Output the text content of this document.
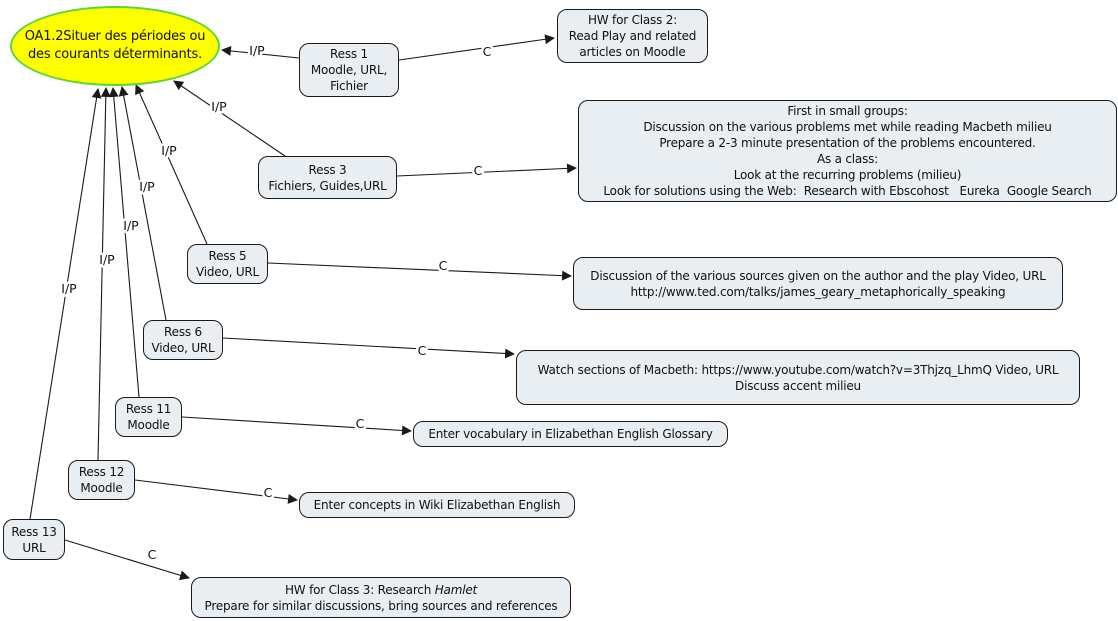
I/P
I/P
I/P
I/P
I/P
I/P
I/P
C
C
C
C
C
C
C
OA1.2Situer des périodes ou
des courants déterminants.	Ress 1
Moodle, URL,
Fichier
HW for Class 2:
Read Play and related
articles on Moodle
Ress 3
Fichiers, Guides,URL
First in small groups:
Discussion on the various problems met while reading Macbeth milieu
Prepare a 2-3 minute presentation of the problems encountered.
As a class:
Look at the recurring problems (milieu)
Look for solutions using the Web:  Research with Ebscohost   Eureka  Google Search
Ress 5
Video, URL	Discussion of the various sources given on the author and the play Video, URL
http://www.ted.com/talks/james_geary_metaphorically_speaking
Ress 6
Video, URL
Watch sections of Macbeth: https://www.youtube.com/watch?v=3Thjzq_LhmQ Video, URL
Discuss accent milieu
Ress 11
Moodle
Enter vocabulary in Elizabethan English Glossary
Ress 12
Moodle
Enter concepts in Wiki Elizabethan English
Ress 13
URL
HW for Class 3: Research Hamlet
Prepare for similar discussions, bring sources and references
